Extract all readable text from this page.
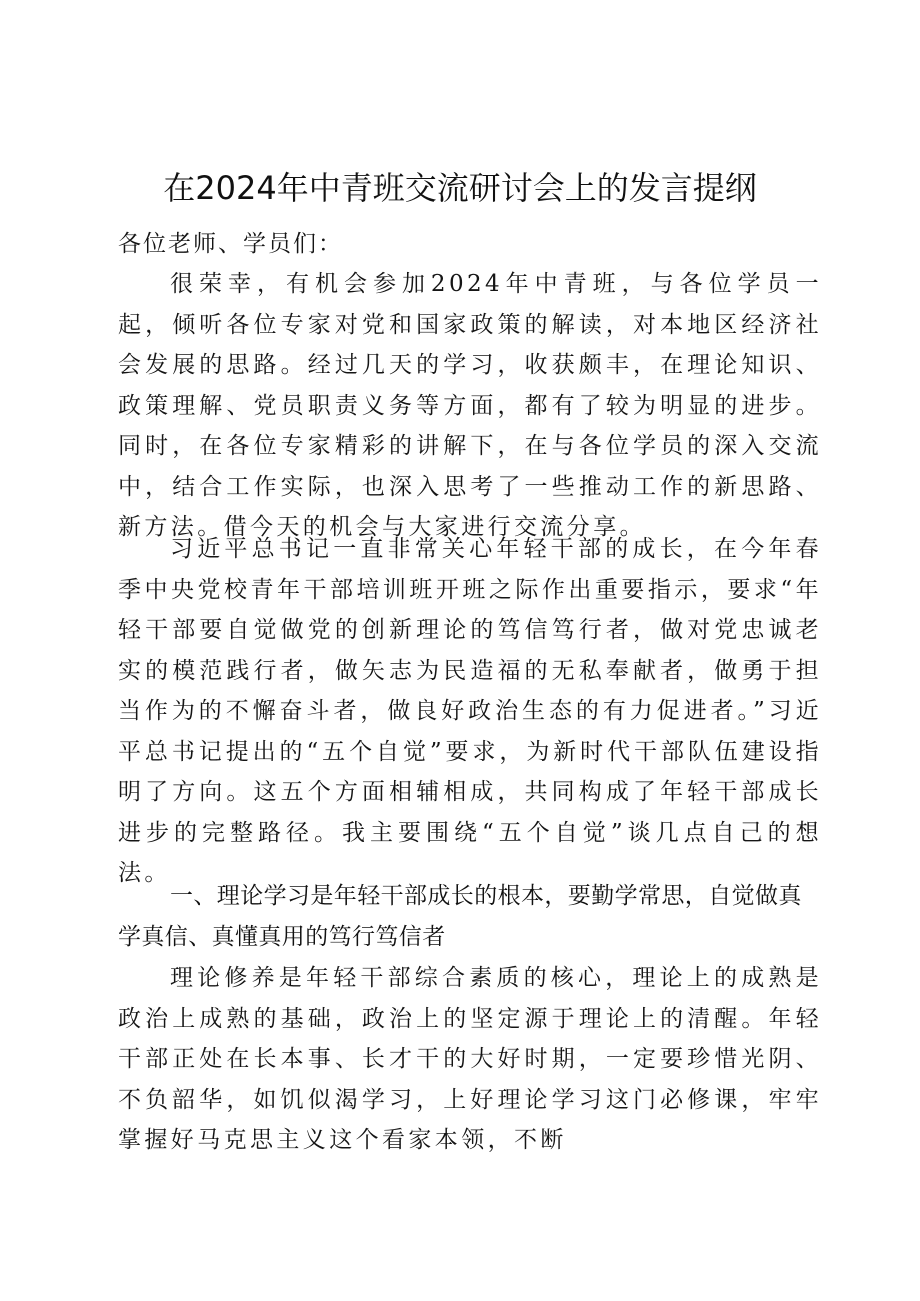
在2024年中青班交流研讨会上的发言提纲

各位老师、学员们：

很荣幸，有机会参加2024年中青班，与各位学员一起，倾听各位专家对党和国家政策的解读，对本地区经济社会发展的思路。经过几天的学习，收获颇丰，在理论知识、政策理解、党员职责义务等方面，都有了较为明显的进步。同时，在各位专家精彩的讲解下，在与各位学员的深入交流中，结合工作实际，也深入思考了一些推动工作的新思路、新方法。借今天的机会与大家进行交流分享。

习近平总书记一直非常关心年轻干部的成长，在今年春季中央党校青年干部培训班开班之际作出重要指示，要求“年轻干部要自觉做党的创新理论的笃信笃行者，做对党忠诚老实的模范践行者，做矢志为民造福的无私奉献者，做勇于担当作为的不懈奋斗者，做良好政治生态的有力促进者。”习近平总书记提出的“五个自觉”要求，为新时代干部队伍建设指明了方向。这五个方面相辅相成，共同构成了年轻干部成长进步的完整路径。我主要围绕“五个自觉”谈几点自己的想法。

一、理论学习是年轻干部成长的根本，要勤学常思，自觉做真学真信、真懂真用的笃行笃信者

理论修养是年轻干部综合素质的核心，理论上的成熟是政治上成熟的基础，政治上的坚定源于理论上的清醒。年轻干部正处在长本事、长才干的大好时期，一定要珍惜光阴、不负韶华，如饥似渴学习，上好理论学习这门必修课，牢牢掌握好马克思主义这个看家本领，不断
